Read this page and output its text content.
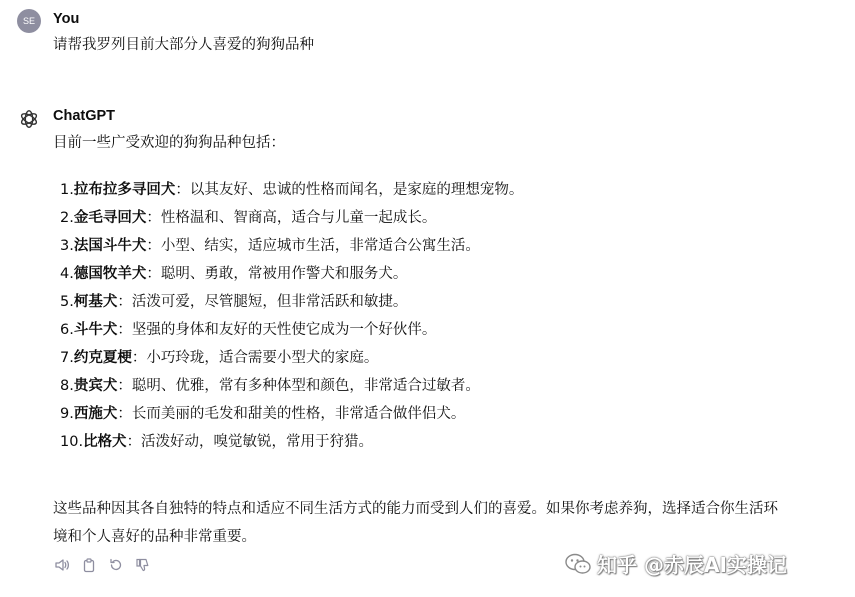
SE	You
请帮我罗列目前大部分人喜爱的狗狗品种
ChatGPT
目前一些广受欢迎的狗狗品种包括：
1.拉布拉多寻回犬：以其友好、忠诚的性格而闻名，是家庭的理想宠物。
2.金毛寻回犬：性格温和、智商高，适合与儿童一起成长。
3.法国斗牛犬：小型、结实，适应城市生活，非常适合公寓生活。
4.德国牧羊犬：聪明、勇敢，常被用作警犬和服务犬。
5.柯基犬：活泼可爱，尽管腿短，但非常活跃和敏捷。
6.斗牛犬：坚强的身体和友好的天性使它成为一个好伙伴。
7.约克夏梗：小巧玲珑，适合需要小型犬的家庭。
8.贵宾犬：聪明、优雅，常有多种体型和颜色，非常适合过敏者。
9.西施犬：长而美丽的毛发和甜美的性格，非常适合做伴侣犬。
10.比格犬：活泼好动，嗅觉敏锐，常用于狩猎。
这些品种因其各自独特的特点和适应不同生活方式的能力而受到人们的喜爱。如果你考虑养狗，选择适合你生活环境和个人喜好的品种非常重要。
知乎 @赤辰AI实操记
